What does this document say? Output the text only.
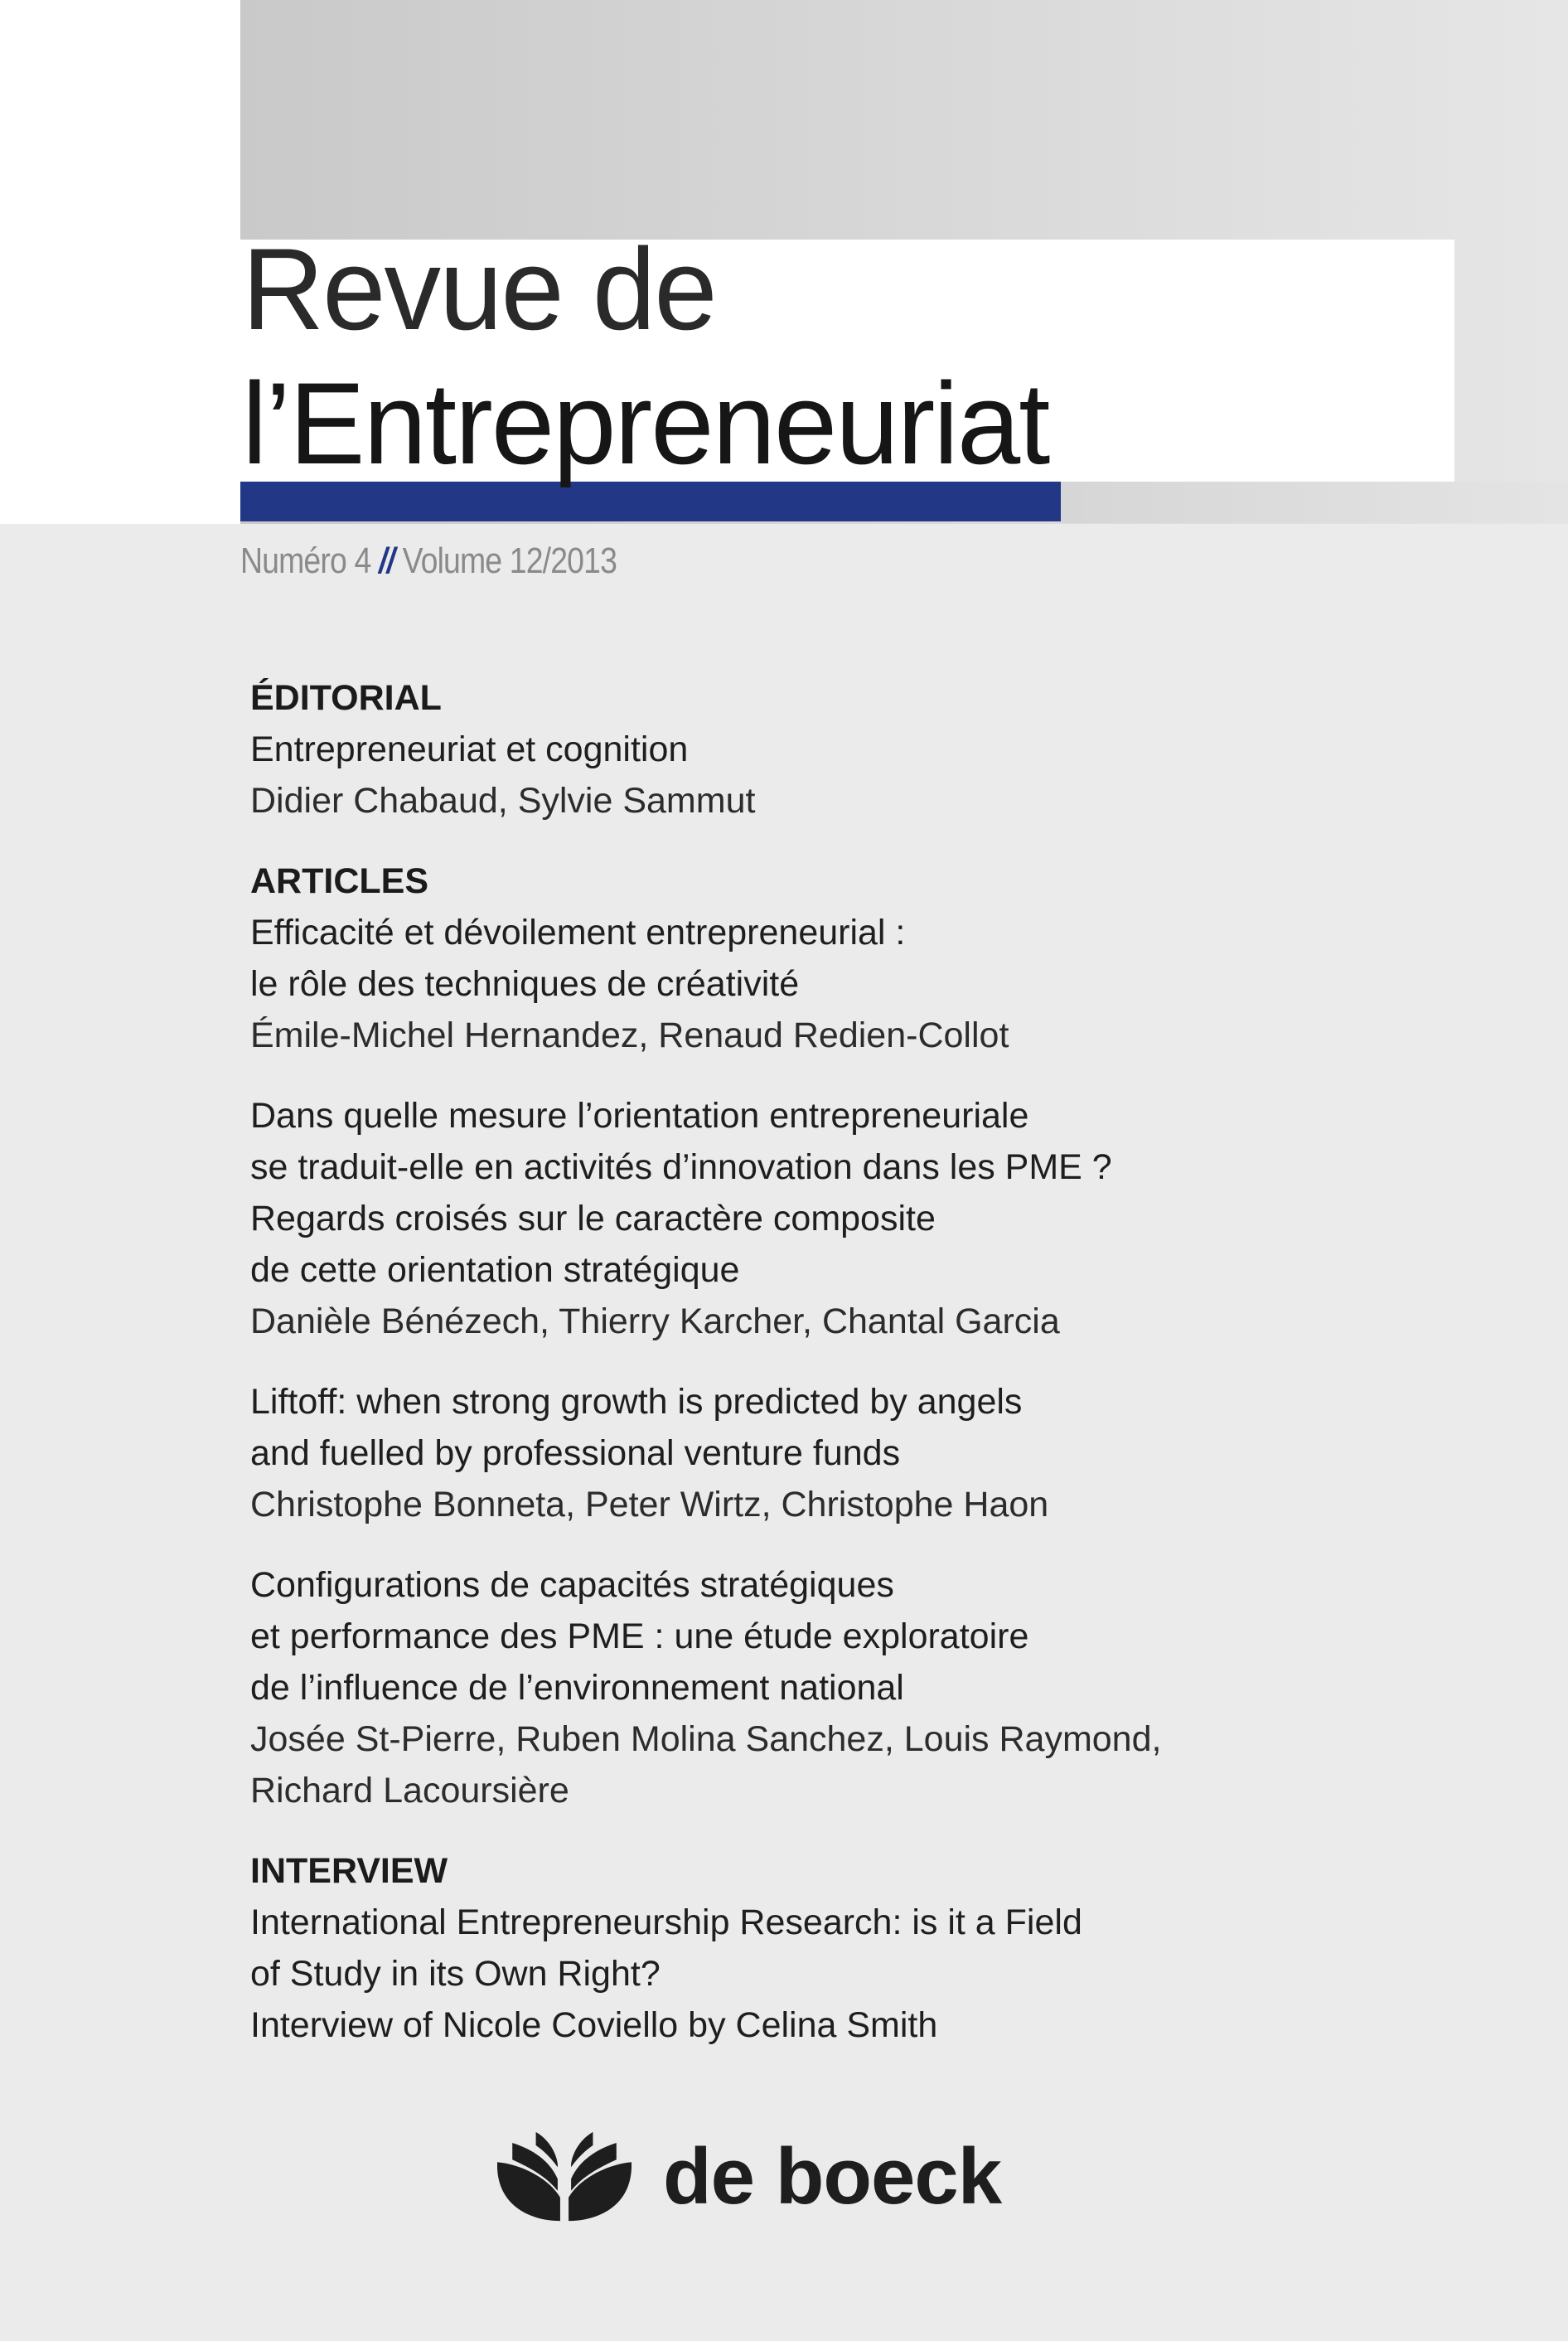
Revue de
l’Entrepreneuriat
Numéro 4 // Volume 12/2013
ÉDITORIAL
Entrepreneuriat et cognition
Didier Chabaud, Sylvie Sammut
ARTICLES
Efficacité et dévoilement entrepreneurial :
le rôle des techniques de créativité
Émile-Michel Hernandez, Renaud Redien-Collot
Dans quelle mesure l’orientation entrepreneuriale
se traduit-elle en activités d’innovation dans les PME ?
Regards croisés sur le caractère composite
de cette orientation stratégique
Danièle Bénézech, Thierry Karcher, Chantal Garcia
Liftoff: when strong growth is predicted by angels
and fuelled by professional venture funds
Christophe Bonneta, Peter Wirtz, Christophe Haon
Configurations de capacités stratégiques
et performance des PME : une étude exploratoire
de l’influence de l’environnement national
Josée St-Pierre, Ruben Molina Sanchez, Louis Raymond,
Richard Lacoursière
INTERVIEW
International Entrepreneurship Research: is it a Field
of Study in its Own Right?
Interview of Nicole Coviello by Celina Smith
de boeck
